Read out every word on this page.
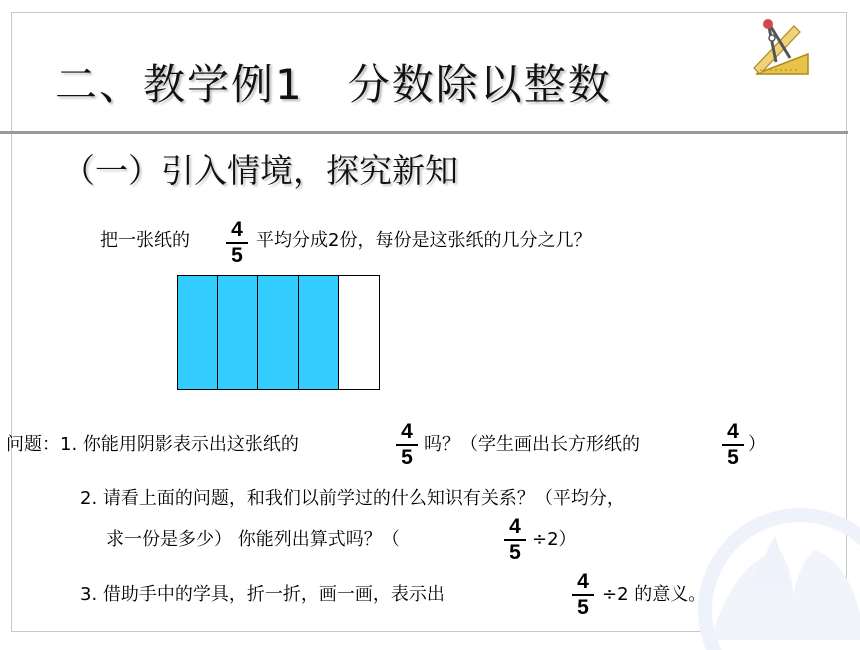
二、教学例1　分数除以整数
（一）引入情境，探究新知
把一张纸的	4
5
平均分成2份，每份是这张纸的几分之几？
问题：1. 你能用阴影表示出这张纸的
4
5
吗？（学生画出长方形纸的
4
5
）
2. 请看上面的问题，和我们以前学过的什么知识有关系？（平均分，
求一份是多少） 你能列出算式吗？（
4
5
÷2）
3. 借助手中的学具，折一折，画一画，表示出
4
5
÷2 的意义。
